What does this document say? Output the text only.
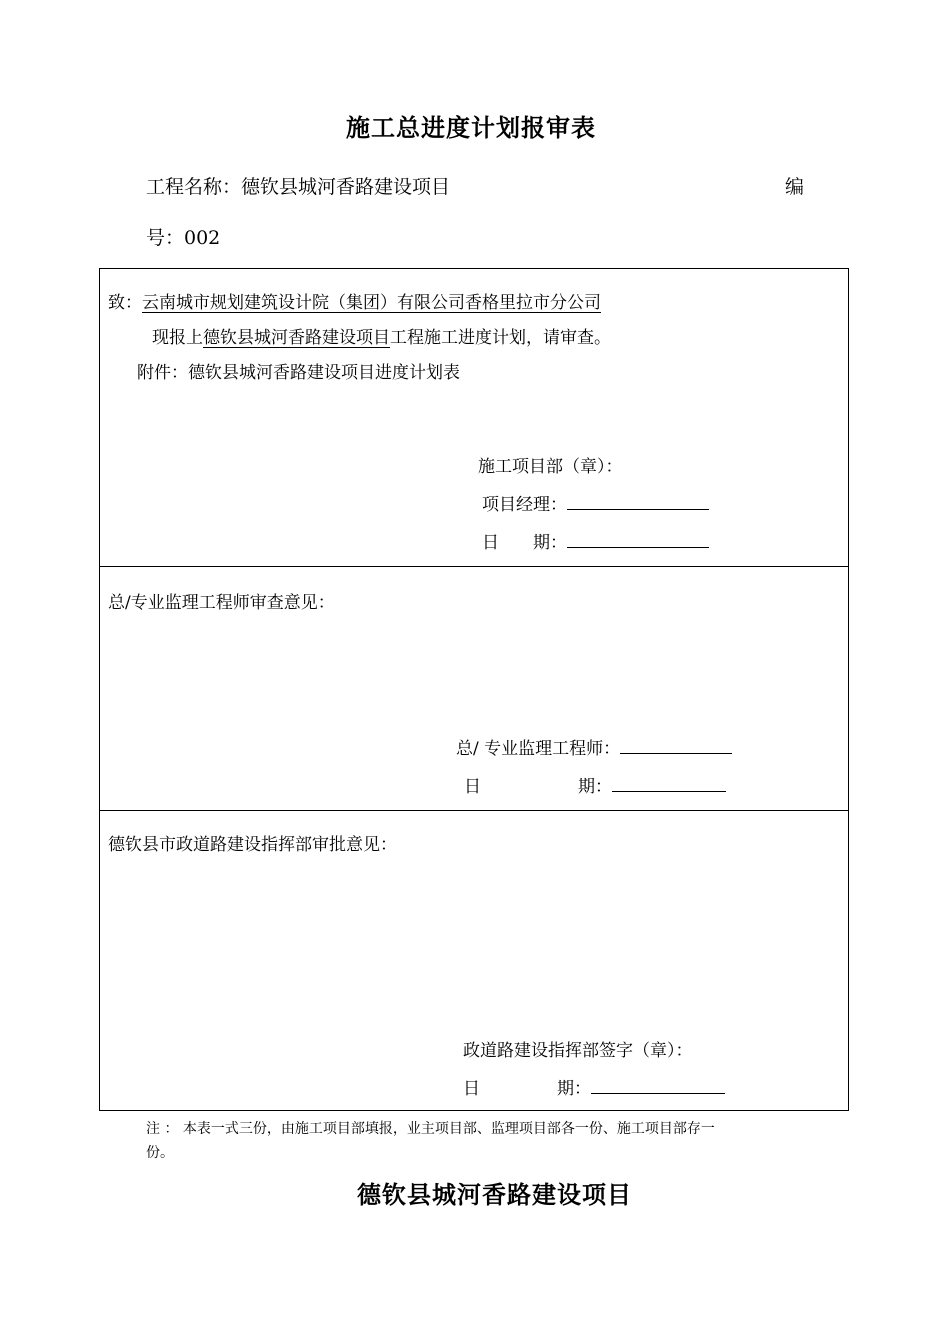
施工总进度计划报审表
工程名称：德钦县城河香路建设项目	编
号：002
致：云南城市规划建筑设计院（集团）有限公司香格里拉市分公司
现报上德钦县城河香路建设项目工程施工进度计划，请审查。
附件：德钦县城河香路建设项目进度计划表
施工项目部（章）：
项目经理：
日　　期：
总/专业监理工程师审查意见：
总/ 专业监理工程师：
日	期：
德钦县市政道路建设指挥部审批意见：
政道路建设指挥部签字（章）：
日	期：
注 ： 本表一式三份，由施工项目部填报，业主项目部、监理项目部各一份、施工项目部存一
份。
德钦县城河香路建设项目
